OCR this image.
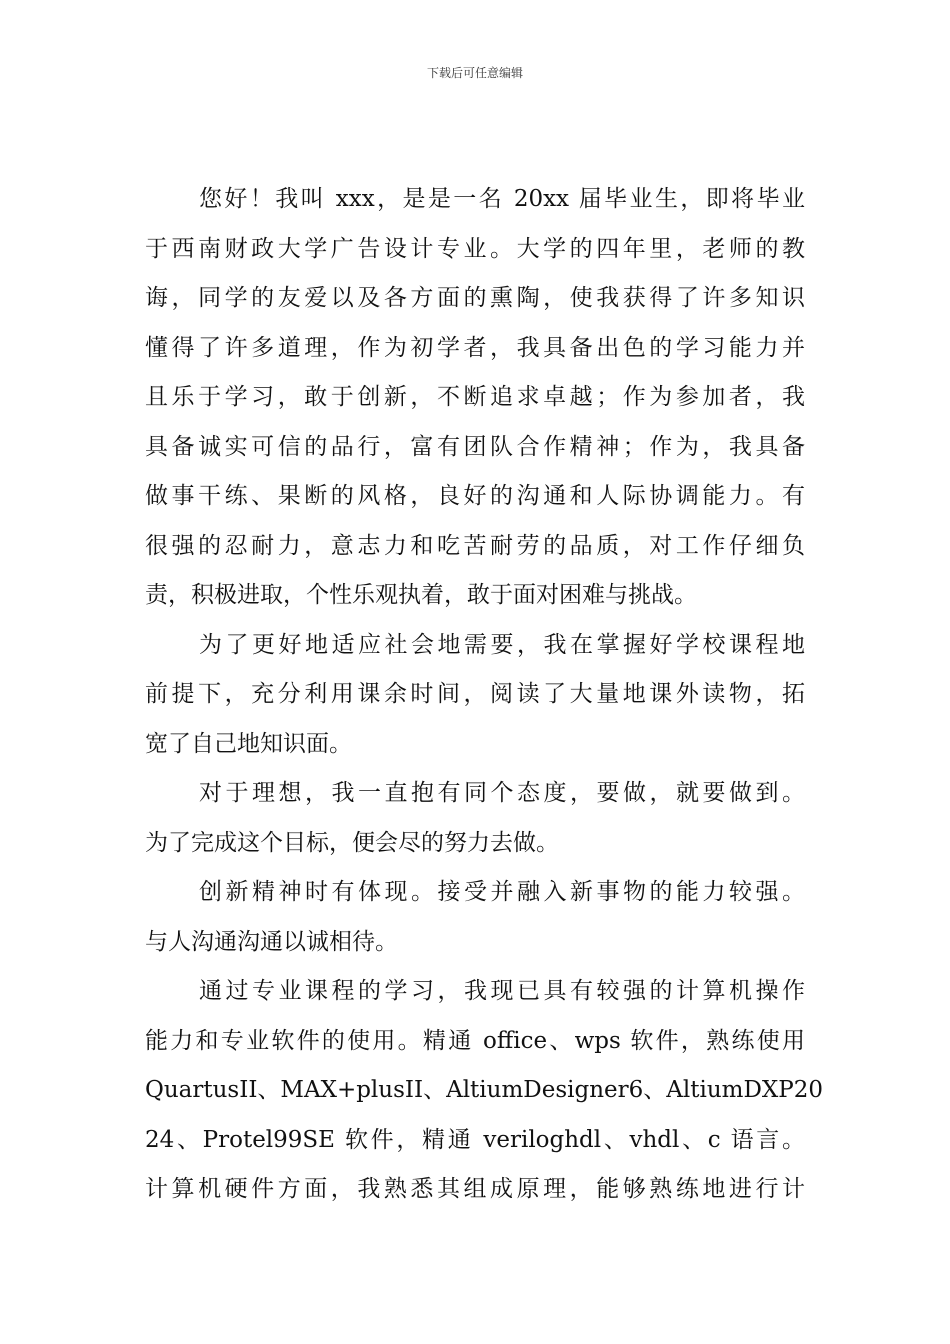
下载后可任意编辑

您好！我叫 xxx，是是一名 20xx 届毕业生，即将毕业
于西南财政大学广告设计专业。大学的四年里，老师的教
诲，同学的友爱以及各方面的熏陶，使我获得了许多知识
懂得了许多道理，作为初学者，我具备出色的学习能力并
且乐于学习，敢于创新，不断追求卓越；作为参加者，我
具备诚实可信的品行，富有团队合作精神；作为，我具备
做事干练、果断的风格，良好的沟通和人际协调能力。有
很强的忍耐力，意志力和吃苦耐劳的品质，对工作仔细负
责，积极进取，个性乐观执着，敢于面对困难与挑战。

为了更好地适应社会地需要，我在掌握好学校课程地
前提下，充分利用课余时间，阅读了大量地课外读物，拓
宽了自己地知识面。

对于理想，我一直抱有同个态度，要做，就要做到。
为了完成这个目标，便会尽的努力去做。

创新精神时有体现。接受并融入新事物的能力较强。
与人沟通沟通以诚相待。

通过专业课程的学习，我现已具有较强的计算机操作
能力和专业软件的使用。精通 office、wps 软件，熟练使用
QuartusII、MAX+plusII、AltiumDesigner6、AltiumDXP20
24、Protel99SE 软件，精通 veriloghdl、vhdl、c 语言。
计算机硬件方面，我熟悉其组成原理，能够熟练地进行计
